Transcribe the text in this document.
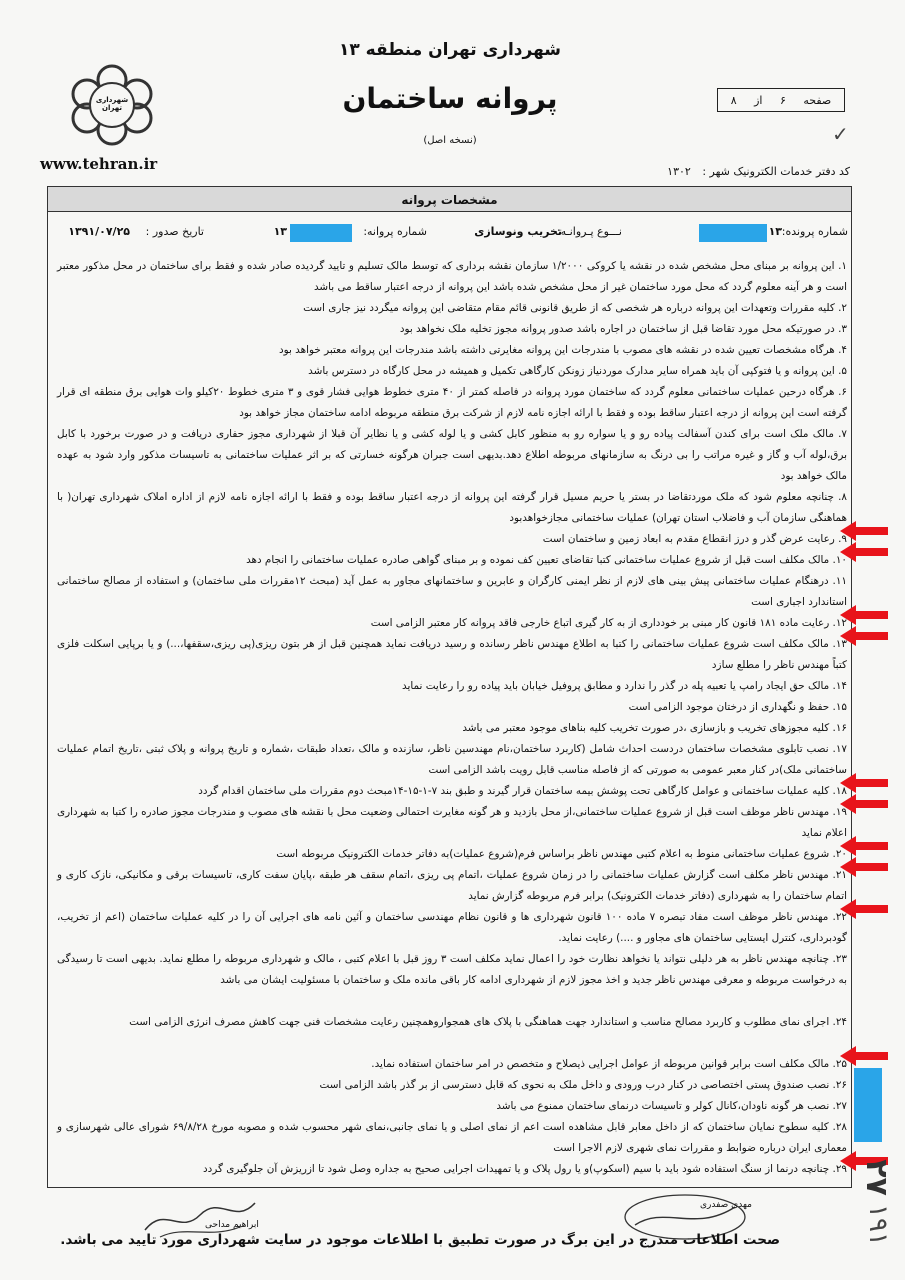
شهرداری تهران منطقه ۱۳
پروانه ساختمان
(نسخه اصل)
شهرداری تهران
www.tehran.ir
صفحه
۶
از
۸
✓
کد دفتر خدمات الکترونیک شهر : ۱۳۰۲
مشخصات پروانه
شماره پرونده:
۱۳
نـــوع پـروانـه:
تخریب ونوسازی
شماره پروانه:
۱۳
تاریخ صدور :
۱۳۹۱/۰۷/۲۵
۱. این پروانه بر مبنای محل مشخص شده در نقشه یا کروکی ۱/۲۰۰۰ سازمان نقشه برداری که توسط مالک تسلیم و تایید گردیده صادر شده و فقط برای ساختمان در محل مذکور معتبر است و هر آینه معلوم گردد که محل مورد ساختمان غیر از محل مشخص شده باشد این پروانه از درجه اعتبار ساقط می باشد
۲. کلیه مقررات وتعهدات این پروانه درباره هر شخصی که از طریق قانونی قائم مقام متقاضی این پروانه میگردد نیز جاری است
۳. در صورتیکه محل مورد تقاضا قبل از ساختمان در اجاره باشد صدور پروانه مجوز تخلیه ملک نخواهد بود
۴. هرگاه مشخصات تعیین شده در نقشه های مصوب با مندرجات این پروانه مغایرتی داشته باشد مندرجات این پروانه معتبر خواهد بود
۵. این پروانه و یا فتوکپی آن باید همراه سایر مدارک موردنیاز زونکن کارگاهی تکمیل و همیشه در محل کارگاه در دسترس باشد
۶. هرگاه درحین عملیات ساختمانی معلوم گردد که ساختمان مورد پروانه در فاصله کمتر از ۴۰ متری خطوط هوایی فشار قوی و ۳ متری خطوط ۲۰کیلو وات هوایی برق منطقه ای قرار گرفته است این پروانه از درجه اعتبار ساقط بوده و فقط با ارائه اجازه نامه لازم از شرکت برق منطقه مربوطه ادامه ساختمان مجاز خواهد بود
۷. مالک ملک است برای کندن آسفالت پیاده رو و یا سواره رو به منظور کابل کشی و یا لوله کشی و یا نظایر آن قبلا از شهرداری مجوز حفاری دریافت و در صورت برخورد با کابل برق،لوله آب و گاز و غیره مراتب را بی درنگ به سازمانهای مربوطه اطلاع دهد.بدیهی است جبران هرگونه خسارتی که بر اثر عملیات ساختمانی به تاسیسات مذکور وارد شود به عهده مالک خواهد بود
۸. چنانچه معلوم شود که ملک موردتقاضا در بستر یا حریم مسیل قرار گرفته این پروانه از درجه اعتبار ساقط بوده و فقط با ارائه اجازه نامه لازم از اداره املاک شهرداری تهران( با هماهنگی سازمان آب و فاضلاب استان تهران) عملیات ساختمانی مجازخواهدبود
۹. رعایت عرض گذر و درز انقطاع مقدم به ابعاد زمین و ساختمان است
۱۰. مالک مکلف است قبل از شروع عملیات ساختمانی کتبا تقاضای تعیین کف نموده و بر مبنای گواهی صادره عملیات ساختمانی را انجام دهد
۱۱. درهنگام عملیات ساختمانی پیش بینی های لازم از نظر ایمنی کارگران و عابرین و ساختمانهای مجاور به عمل آید (مبحث ۱۲مقررات ملی ساختمان) و استفاده از مصالح ساختمانی استاندارد اجباری است
۱۲. رعایت ماده ۱۸۱ قانون کار مبنی بر خودداری از به کار گیری اتباع خارجی فاقد پروانه کار معتبر الزامی است
۱۳. مالک مکلف است شروع عملیات ساختمانی را کتبا به اطلاع مهندس ناظر رسانده و رسید دریافت نماید همچنین قبل از هر بتون ریزی(پی ریزی،سقفها،...) و یا برپایی اسکلت فلزی کتباً مهندس ناظر را مطلع سازد
۱۴. مالک حق ایجاد رامپ یا تعبیه پله در گذر را ندارد و مطابق پروفیل خیابان باید پیاده رو را رعایت نماید
۱۵. حفظ و نگهداری از درختان موجود الزامی است
۱۶. کلیه مجوزهای تخریب و بازسازی ،در صورت تخریب کلیه بناهای موجود معتبر می باشد
۱۷. نصب تابلوی مشخصات ساختمان دردست احداث شامل (کاربرد ساختمان،نام مهندسین ناظر، سازنده و مالک ،تعداد طبقات ،شماره و تاریخ پروانه و پلاک ثبتی ،تاریخ اتمام عملیات ساختمانی ملک)در کنار معبر عمومی به صورتی که از فاصله مناسب قابل رویت باشد الزامی است
۱۸. کلیه عملیات ساختمانی و عوامل کارگاهی تحت پوشش بیمه ساختمان قرار گیرند و طبق بند ۷-۱-۱۵-۱۴مبحث دوم مقررات ملی ساختمان اقدام گردد
۱۹. مهندس ناظر موظف است قبل از شروع عملیات ساختمانی،از محل بازدید و هر گونه مغایرت احتمالی وضعیت محل با نقشه های مصوب و مندرجات مجوز صادره را کتبا به شهرداری اعلام نماید
۲۰. شروع عملیات ساختمانی منوط به اعلام کتبی مهندس ناظر براساس فرم(شروع عملیات)به دفاتر خدمات الکترونیک مربوطه است
۲۱. مهندس ناظر مکلف است گزارش عملیات ساختمانی را در زمان شروع عملیات ،اتمام پی ریزی ،اتمام سقف هر طبقه ،پایان سفت کاری، تاسیسات برقی و مکانیکی، نازک کاری و اتمام ساختمان را به شهرداری (دفاتر خدمات الکترونیک) برابر فرم مربوطه گزارش نماید
۲۲. مهندس ناظر موظف است مفاد تبصره ۷ ماده ۱۰۰ قانون شهرداری ها و قانون نظام مهندسی ساختمان و آئین نامه های اجرایی آن را در کلیه عملیات ساختمان (اعم از تخریب، گودبرداری، کنترل ایستایی ساختمان های مجاور و ....) رعایت نماید.
۲۳. چنانچه مهندس ناظر به هر دلیلی نتواند یا نخواهد نظارت خود را اعمال نماید مکلف است ۳ روز قبل با اعلام کتبی ، مالک و شهرداری مربوطه را مطلع نماید. بدیهی است تا رسیدگی به درخواست مربوطه و معرفی مهندس ناظر جدید و اخذ مجوز لازم از شهرداری ادامه کار باقی مانده ملک و ساختمان با مسئولیت ایشان می باشد
۲۴. اجرای نمای مطلوب و کاربرد مصالح مناسب و استاندارد جهت هماهنگی با پلاک های همجواروهمچنین رعایت مشخصات فنی جهت کاهش مصرف انرژی الزامی است
۲۵. مالک مکلف است برابر قوانین مربوطه از عوامل اجرایی ذیصلاح و متخصص در امر ساختمان استفاده نماید.
۲۶. نصب صندوق پستی اختصاصی در کنار درب ورودی و داخل ملک به نحوی که قابل دسترسی از بر گذر باشد الزامی است
۲۷. نصب هر گونه ناودان،کانال کولر و تاسیسات درنمای ساختمان ممنوع می باشد
۲۸. کلیه سطوح نمایان ساختمان که از داخل معابر قابل مشاهده است اعم از نمای اصلی و یا نمای جانبی،نمای شهر محسوب شده و مصوبه مورخ ۶۹/۸/۲۸ شورای عالی شهرسازی و معماری ایران درباره ضوابط و مقررات نمای شهری لازم الاجرا است
۲۹. چنانچه درنما از سنگ استفاده شود باید با سیم (اسکوپ)و یا رول پلاک و یا تمهیدات اجرایی صحیح به جداره وصل شود تا ازریزش آن جلوگیری گردد ۲۷
۱۹۱
ابراهیم مداحی
مهدی صفدری
صحت اطلاعات مندرج در این برگ در صورت تطبیق با اطلاعات موجود در سایت شهرداری مورد تایید می باشد.
